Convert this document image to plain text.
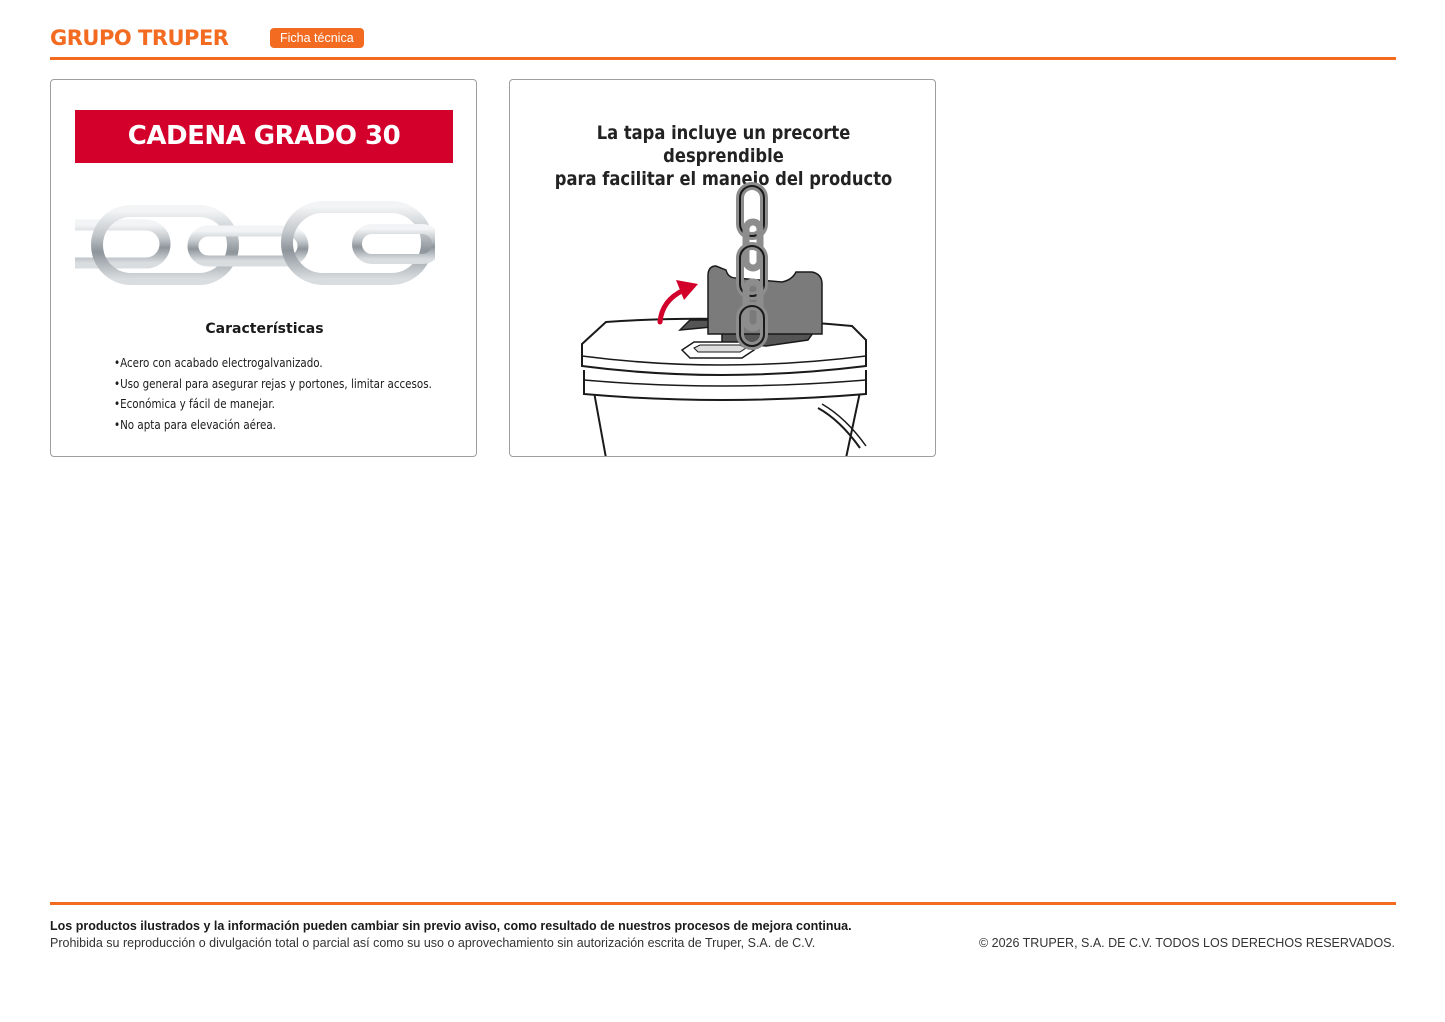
GRUPO TRUPER	Ficha técnica
CADENA GRADO 30
Características
•Acero con acabado electrogalvanizado.
•Uso general para asegurar rejas y portones, limitar accesos.
•Económica y fácil de manejar.
•No apta para elevación aérea.
La tapa incluye un precorte desprendible
para facilitar el manejo del producto
Los productos ilustrados y la información pueden cambiar sin previo aviso, como resultado de nuestros procesos de mejora continua.
Prohibida su reproducción o divulgación total o parcial así como su uso o aprovechamiento sin autorización escrita de Truper, S.A. de C.V.	© 2026 TRUPER, S.A. DE C.V. TODOS LOS DERECHOS RESERVADOS.
